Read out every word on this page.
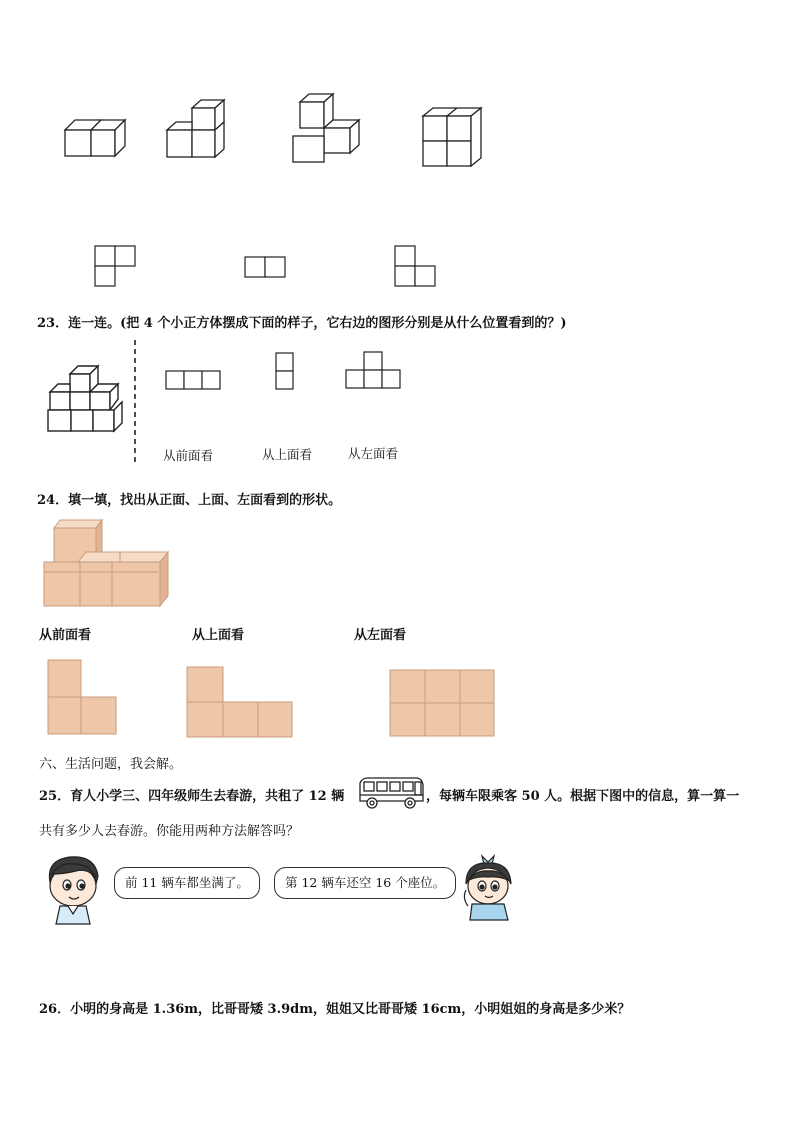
23．连一连。(把 4 个小正方体摆成下面的样子，它右边的图形分别是从什么位置看到的？)
从前面看	从上面看	从左面看
24．填一填，找出从正面、上面、左面看到的形状。
从前面看	从上面看	从左面看
六、生活问题，我会解。
25．育人小学三、四年级师生去春游，共租了 12 辆	，每辆车限乘客 50 人。根据下图中的信息，算一算一
共有多少人去春游。你能用两种方法解答吗？
前 11 辆车都坐满了。	第 12 辆车还空 16 个座位。
26．小明的身高是 1.36m，比哥哥矮 3.9dm，姐姐又比哥哥矮 16cm，小明姐姐的身高是多少米？
